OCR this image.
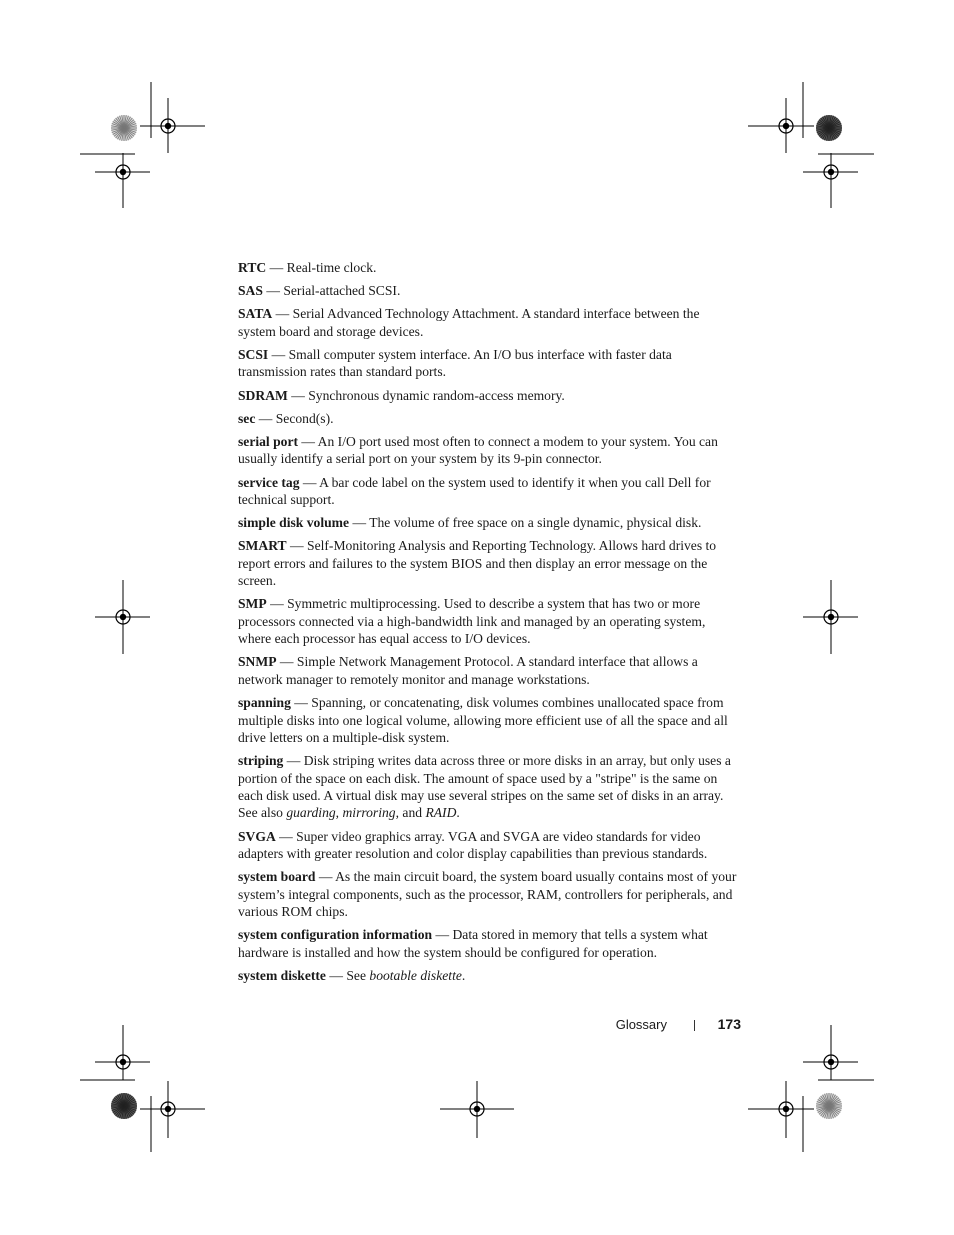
RTC — Real-time clock.

SAS — Serial-attached SCSI.

SATA — Serial Advanced Technology Attachment. A standard interface between the system board and storage devices.

SCSI — Small computer system interface. An I/O bus interface with faster data transmission rates than standard ports.

SDRAM — Synchronous dynamic random-access memory.

sec — Second(s).

serial port — An I/O port used most often to connect a modem to your system. You can usually identify a serial port on your system by its 9-pin connector.

service tag — A bar code label on the system used to identify it when you call Dell for technical support.

simple disk volume — The volume of free space on a single dynamic, physical disk.

SMART — Self-Monitoring Analysis and Reporting Technology. Allows hard drives to report errors and failures to the system BIOS and then display an error message on the screen.

SMP — Symmetric multiprocessing. Used to describe a system that has two or more processors connected via a high-bandwidth link and managed by an operating system, where each processor has equal access to I/O devices.

SNMP — Simple Network Management Protocol. A standard interface that allows a network manager to remotely monitor and manage workstations.

spanning — Spanning, or concatenating, disk volumes combines unallocated space from multiple disks into one logical volume, allowing more efficient use of all the space and all drive letters on a multiple-disk system.

striping — Disk striping writes data across three or more disks in an array, but only uses a portion of the space on each disk. The amount of space used by a "stripe" is the same on each disk used. A virtual disk may use several stripes on the same set of disks in an array. See also guarding, mirroring, and RAID.

SVGA — Super video graphics array. VGA and SVGA are video standards for video adapters with greater resolution and color display capabilities than previous standards.

system board — As the main circuit board, the system board usually contains most of your system’s integral components, such as the processor, RAM, controllers for peripherals, and various ROM chips.

system configuration information — Data stored in memory that tells a system what hardware is installed and how the system should be configured for operation.

system diskette — See bootable diskette.

Glossary	173
